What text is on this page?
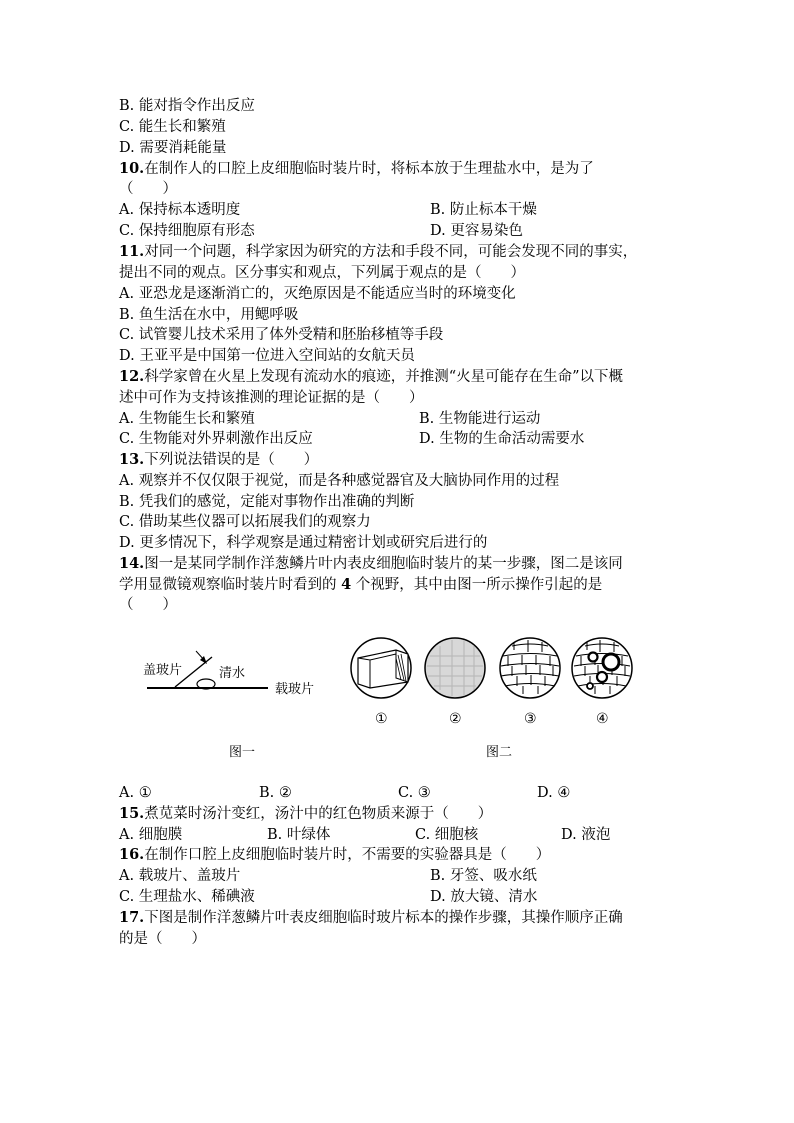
B. 能对指令作出反应
C. 能生长和繁殖
D. 需要消耗能量
10.在制作人的口腔上皮细胞临时装片时，将标本放于生理盐水中，是为了
（　　）
A. 保持标本透明度	B. 防止标本干燥
C. 保持细胞原有形态	D. 更容易染色
11.对同一个问题，科学家因为研究的方法和手段不同，可能会发现不同的事实，
提出不同的观点。区分事实和观点，下列属于观点的是（　　）
A. 亚恐龙是逐渐消亡的，灭绝原因是不能适应当时的环境变化
B. 鱼生活在水中，用鳃呼吸
C. 试管婴儿技术采用了体外受精和胚胎移植等手段
D. 王亚平是中国第一位进入空间站的女航天员
12.科学家曾在火星上发现有流动水的痕迹，并推测“火星可能存在生命”以下概
述中可作为支持该推测的理论证据的是（　　）
A. 生物能生长和繁殖	B. 生物能进行运动
C. 生物能对外界刺激作出反应	D. 生物的生命活动需要水
13.下列说法错误的是（　　）
A. 观察并不仅仅限于视觉，而是各种感觉器官及大脑协同作用的过程
B. 凭我们的感觉，定能对事物作出准确的判断
C. 借助某些仪器可以拓展我们的观察力
D. 更多情况下，科学观察是通过精密计划或研究后进行的
14.图一是某同学制作洋葱鳞片叶内表皮细胞临时装片的某一步骤，图二是该同
学用显微镜观察临时装片时看到的 4 个视野，其中由图一所示操作引起的是
（　　）
盖玻片	清水
载玻片
图一
①	②	③	④
图二
A. ①	B. ②	C. ③	D. ④
15.煮苋菜时汤汁变红，汤汁中的红色物质来源于（　　）
A. 细胞膜	B. 叶绿体	C. 细胞核	D. 液泡
16.在制作口腔上皮细胞临时装片时，不需要的实验器具是（　　）
A. 载玻片、盖玻片	B. 牙签、吸水纸
C. 生理盐水、稀碘液	D. 放大镜、清水
17.下图是制作洋葱鳞片叶表皮细胞临时玻片标本的操作步骤，其操作顺序正确
的是（　　）
